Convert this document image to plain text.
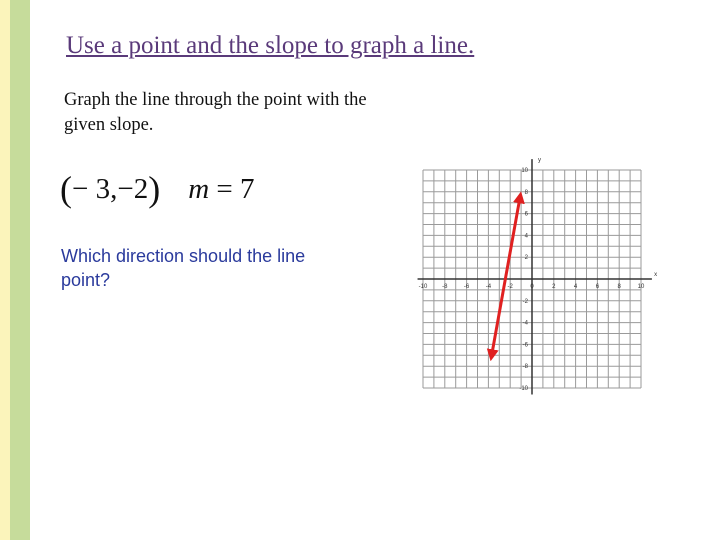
Use a point and the slope to graph a line.
Graph the line through the point with the given slope.
(− 3,−2) m = 7
Which direction should the line point?	x
y
-10 -8	-6	-4	-2	0	2	4	6	8	10
10
8
6
4
2
-2
-4
-6
-8
-10
